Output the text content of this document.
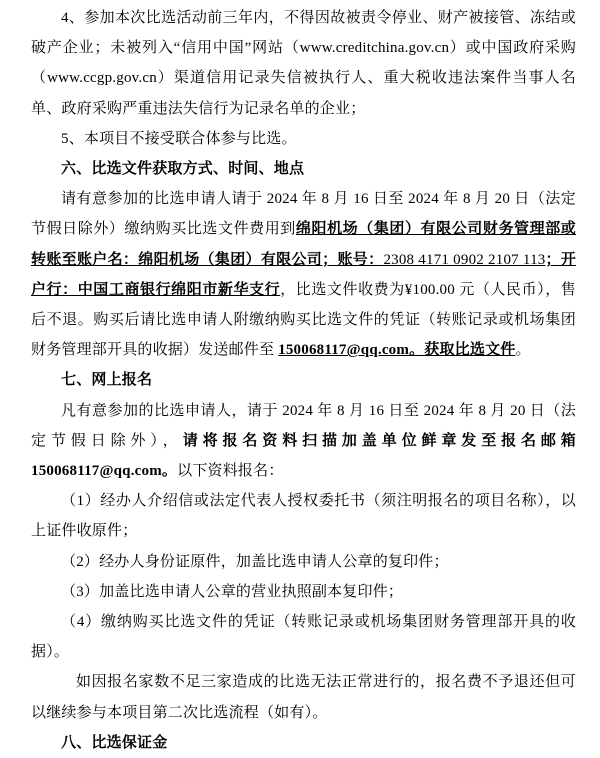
4、参加本次比选活动前三年内，不得因故被责令停业、财产被接管、冻结或破产企业；未被列入“信用中国”网站（www.creditchina.gov.cn）或中国政府采购（www.ccgp.gov.cn）渠道信用记录失信被执行人、重大税收违法案件当事人名单、政府采购严重违法失信行为记录名单的企业；

5、本项目不接受联合体参与比选。

六、比选文件获取方式、时间、地点

请有意参加的比选申请人请于 2024 年 8 月 16 日至 2024 年 8 月 20 日（法定节假日除外）缴纳购买比选文件费用到绵阳机场（集团）有限公司财务管理部或转账至账户名：绵阳机场（集团）有限公司；账号：2308 4171 0902 2107 113；开户行：中国工商银行绵阳市新华支行，比选文件收费为¥100.00 元（人民币），售后不退。购买后请比选申请人附缴纳购买比选文件的凭证（转账记录或机场集团财务管理部开具的收据）发送邮件至 150068117@qq.com。获取比选文件。

七、网上报名

凡有意参加的比选申请人，请于 2024 年 8 月 16 日至 2024 年 8 月 20 日（法定节假日除外），请将报名资料扫描加盖单位鲜章发至报名邮箱 150068117@qq.com。以下资料报名：

（1）经办人介绍信或法定代表人授权委托书（须注明报名的项目名称），以上证件收原件；

（2）经办人身份证原件，加盖比选申请人公章的复印件；

（3）加盖比选申请人公章的营业执照副本复印件；

（4）缴纳购买比选文件的凭证（转账记录或机场集团财务管理部开具的收据）。

如因报名家数不足三家造成的比选无法正常进行的，报名费不予退还但可以继续参与本项目第二次比选流程（如有）。

八、比选保证金
